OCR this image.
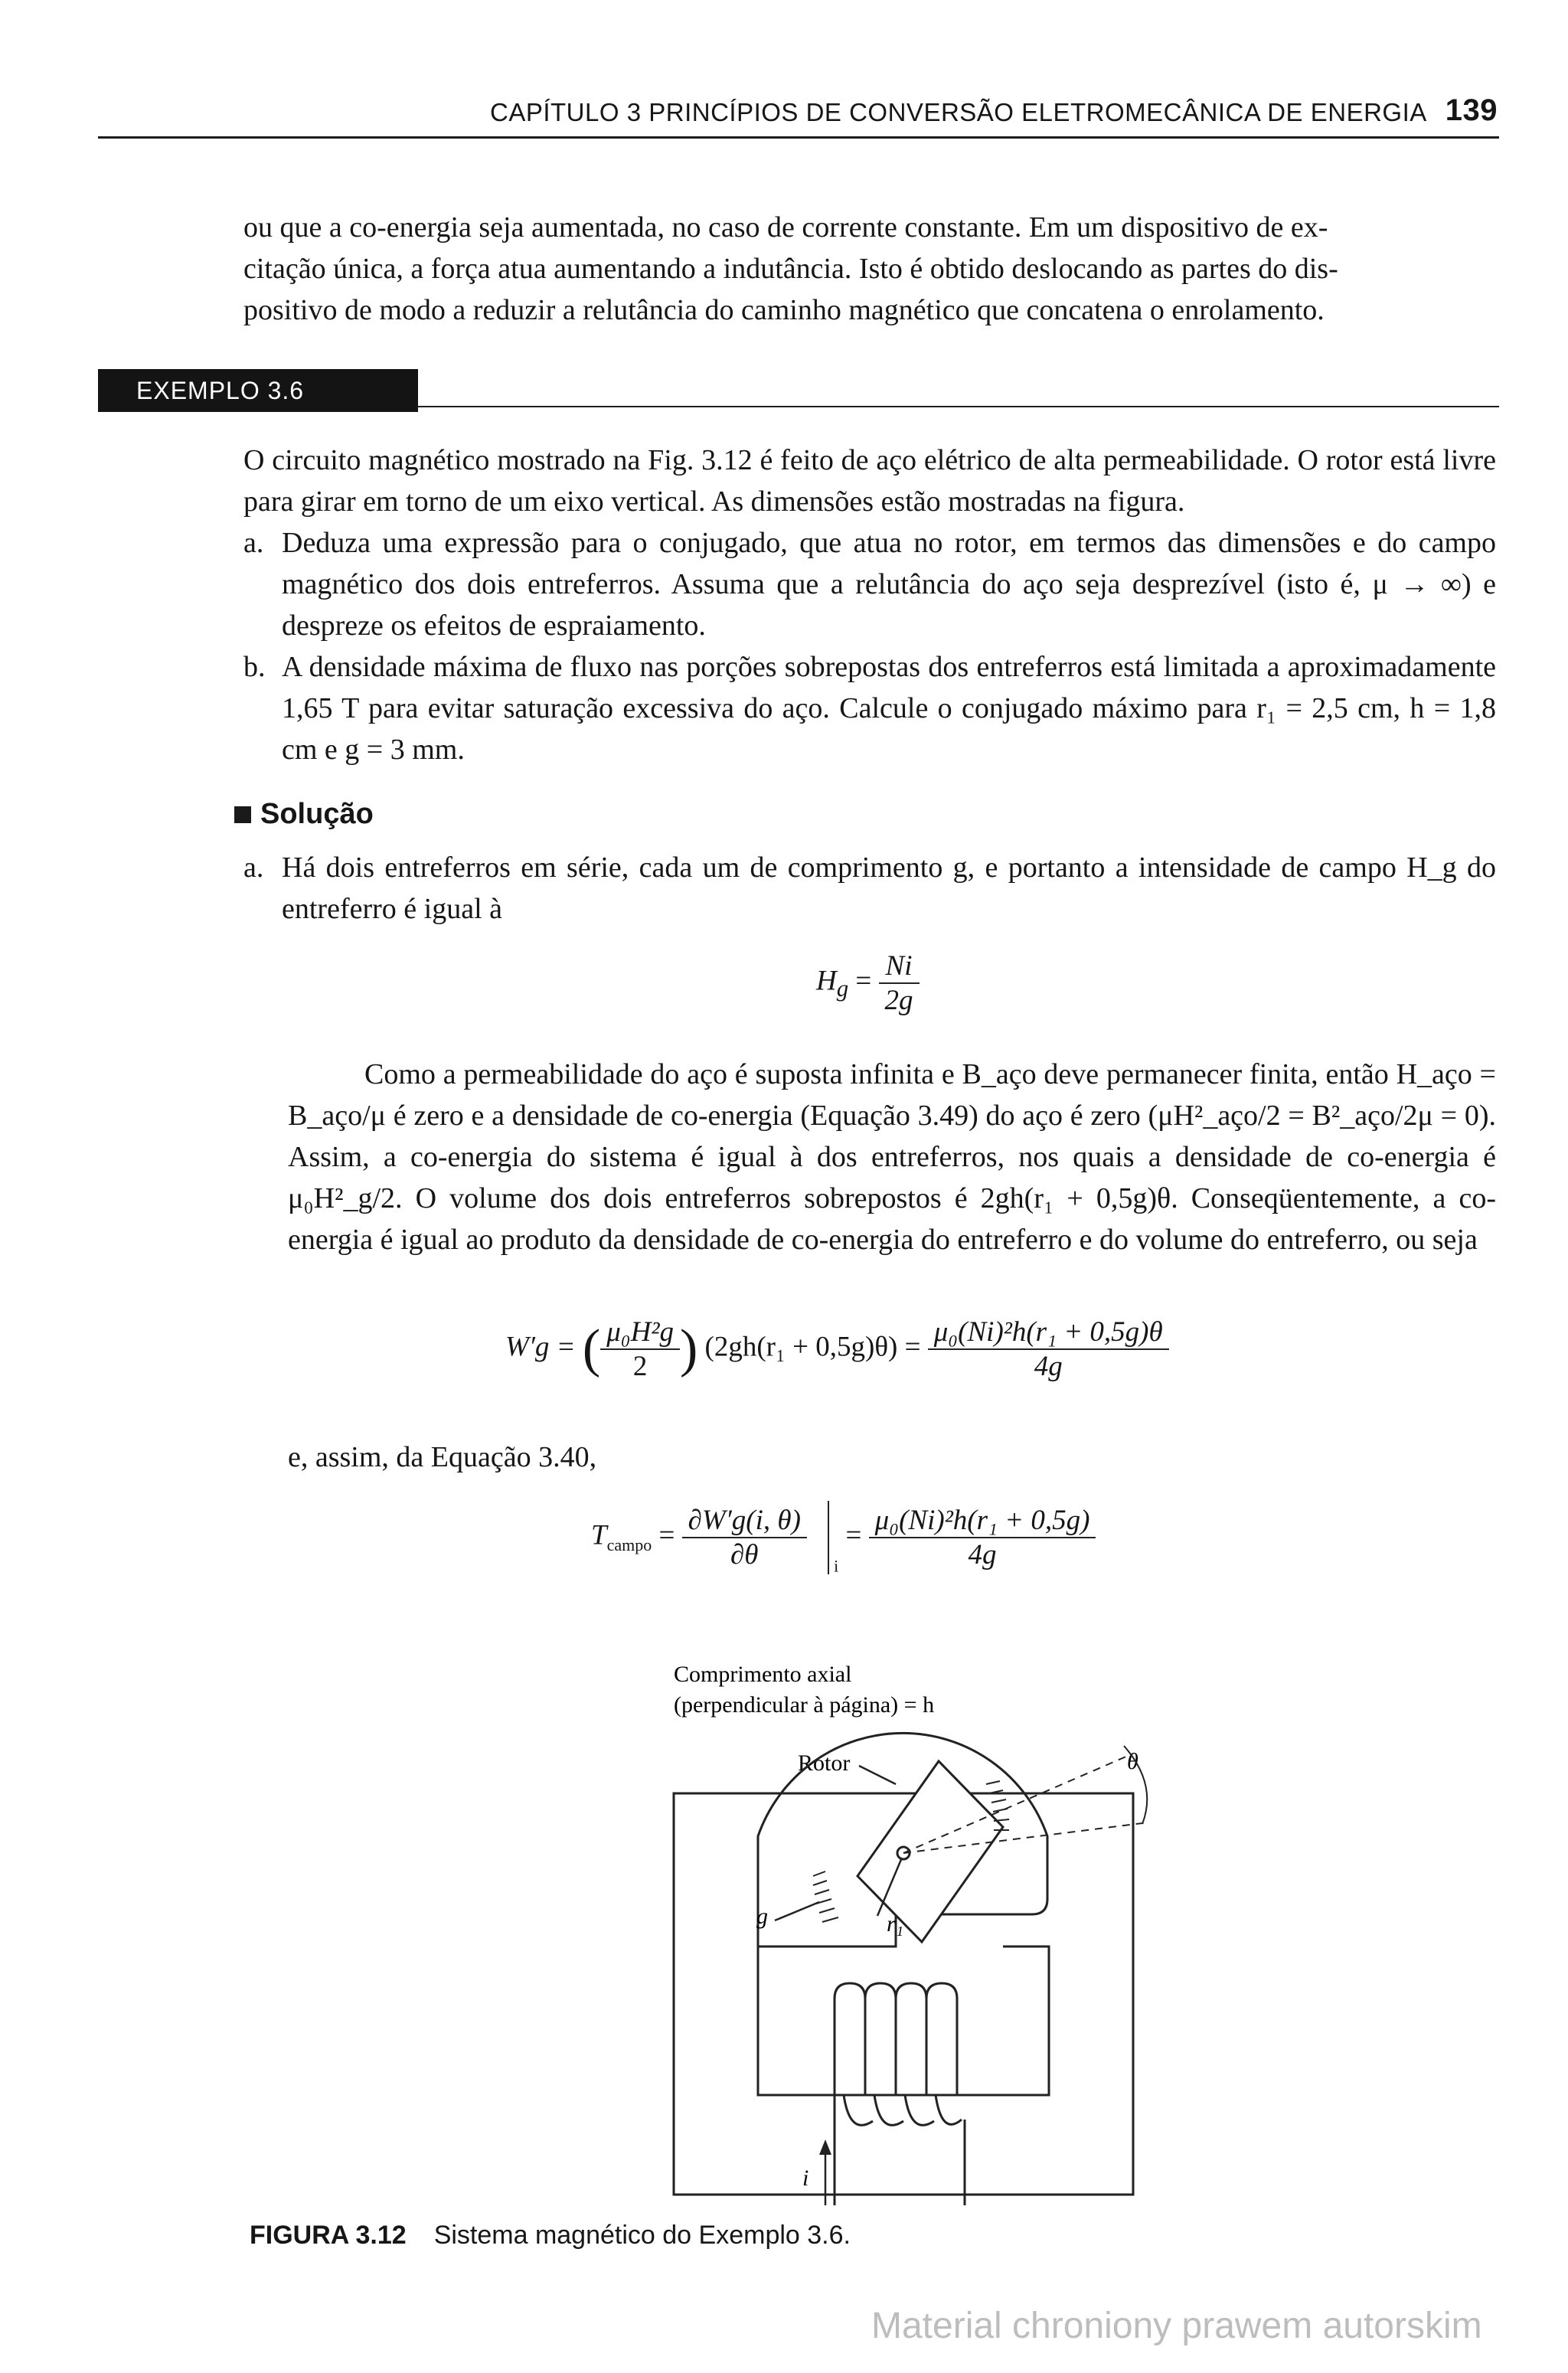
CAPÍTULO 3 PRINCÍPIOS DE CONVERSÃO ELETROMECÂNICA DE ENERGIA 139
ou que a co-energia seja aumentada, no caso de corrente constante. Em um dispositivo de ex-
citação única, a força atua aumentando a indutância. Isto é obtido deslocando as partes do dis-
positivo de modo a reduzir a relutância do caminho magnético que concatena o enrolamento.
EXEMPLO 3.6
O circuito magnético mostrado na Fig. 3.12 é feito de aço elétrico de alta permeabilidade. O rotor está livre para girar em torno de um eixo vertical. As dimensões estão mostradas na figura.
a. Deduza uma expressão para o conjugado, que atua no rotor, em termos das dimensões e do campo magnético dos dois entreferros. Assuma que a relutância do aço seja desprezível (isto é, μ → ∞) e despreze os efeitos de espraiamento.
b. A densidade máxima de fluxo nas porções sobrepostas dos entreferros está limitada a aproximadamente 1,65 T para evitar saturação excessiva do aço. Calcule o conjugado máximo para r₁ = 2,5 cm, h = 1,8 cm e g = 3 mm.
Solução
a. Há dois entreferros em série, cada um de comprimento g, e portanto a intensidade de campo H_g do entreferro é igual à
$H_g = \frac{Ni}{2g}$
Como a permeabilidade do aço é suposta infinita e B_aço deve permanecer finita, então H_aço = B_aço/μ é zero e a densidade de co-energia (Equação 3.49) do aço é zero (μH²_aço/2 = B²_aço/2μ = 0). Assim, a co-energia do sistema é igual à dos entreferros, nos quais a densidade de co-energia é μ₀H²_g/2. O volume dos dois entreferros sobrepostos é 2gh(r₁ + 0,5g)θ. Conseqüentemente, a co-energia é igual ao produto da densidade de co-energia do entreferro e do volume do entreferro, ou seja
W′g = ( $\frac{\text{μ₀H²g}}{2}$ ) $(2gh(r_1 + 0,5g)\theta) = \frac{\text{μ₀(Ni)²h(r₁ + 0,5g)θ}}{4g}$
e, assim, da Equação 3.40,
$T_{campo} = \frac{\partial W'g(i, \theta)}{\partial\theta} _i = \frac{\text{μ₀(Ni)²h(r₁ + 0,5g)}}{4g}$
Comprimento axial
(perpendicular à página) = h
Rotor	θ
r₁
g
i
FIGURA 3.12 Sistema magnético do Exemplo 3.6.
Material chroniony prawem autorskim
